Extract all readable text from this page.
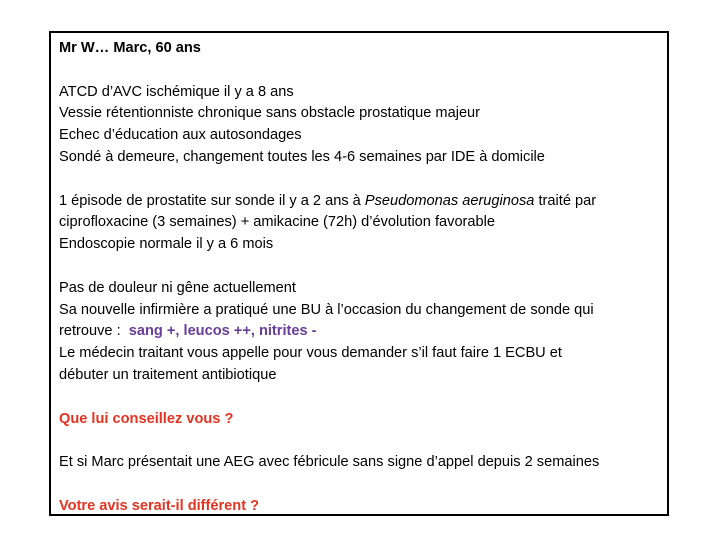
Mr W… Marc, 60 ans
ATCD d’AVC ischémique il y a 8 ans
Vessie rétentionniste chronique sans obstacle prostatique majeur
Echec d’éducation aux autosondages
Sondé à demeure, changement toutes les 4-6 semaines par IDE à domicile
1 épisode de prostatite sur sonde il y a 2 ans à Pseudomonas aeruginosa traité par
ciprofloxacine (3 semaines) + amikacine (72h) d’évolution favorable
Endoscopie normale il y a 6 mois
Pas de douleur ni gêne actuellement
Sa nouvelle infirmière a pratiqué une BU à l’occasion du changement de sonde qui
retrouve :  sang +, leucos ++, nitrites -
Le médecin traitant vous appelle pour vous demander s’il faut faire 1 ECBU et
débuter un traitement antibiotique
Que lui conseillez vous ?
Et si Marc présentait une AEG avec fébricule sans signe d’appel depuis 2 semaines
Votre avis serait-il différent ?
